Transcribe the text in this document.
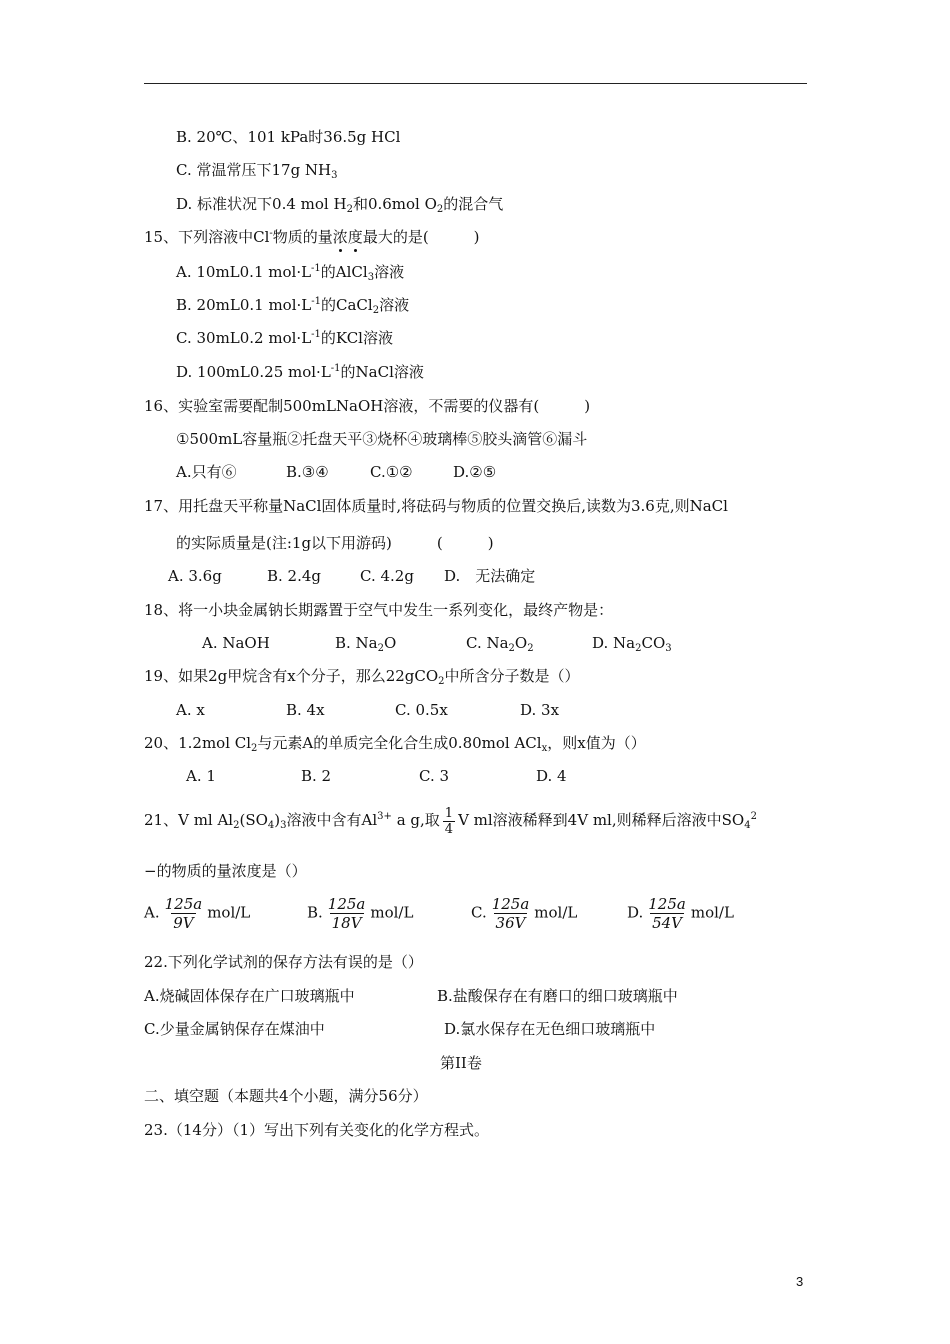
B. 20℃、101 kPa时36.5g HCl
C. 常温常压下17g $NH_3$
D. 标准状况下0.4 mol $H_2$和0.6mol $O_2$的混合气
15、下列溶液中Cl-物质的量浓度最大的是(　　　)
A. 10mL0.1 $mol\cdot L^{-1}$的AlCl$_3$溶液
B. 20mL0.1 $mol\cdot L^{-1}$的CaCl$_2$溶液
C. 30mL0.2 $mol\cdot L^{-1}$的KCl溶液
D. 100mL0.25 $mol\cdot L^{-1}$的NaCl溶液
16、实验室需要配制500mLNaOH溶液，不需要的仪器有(　　　)
①500mL容量瓶②托盘天平③烧杯④玻璃棒⑤胶头滴管⑥漏斗
A.只有⑥	B.③④	C.①②	D.②⑤
17、用托盘天平称量NaCl固体质量时,将砝码与物质的位置交换后,读数为3.6克,则NaCl
的实际质量是(注:1g以下用游码)　　　(　　　)
A. 3.6g	B. 2.4g	C. 4.2g D.　无法确定
18、将一小块金属钠长期露置于空气中发生一系列变化，最终产物是：
A. NaOH	B. $Na_2O$	C. $Na_2O_2$	D. $Na_2CO_3$
19、如果2g甲烷含有x个分子，那么22gCO$_2$中所含分子数是（）
A. x	B. 4x	C. 0.5x	D. 3x
20、1.2mol $Cl_2$与元素A的单质完全化合生成0.80mol ACl$_x$，则x值为（）
A. 1	B. 2	C. 3	D. 4
21、V ml $Al_2(SO_4)_3$溶液中含有$Al^{3+}$ a g,取 $\frac{1}{4}$ V ml溶液稀释到4V ml,则稀释后溶液中$SO_4^2$
−的物质的量浓度是（）
A. $\frac{125a}{9V} mol/L$	B. $\frac{125a}{18V} mol/L$	C. $\frac{125a}{36V} mol/L$	D. $\frac{125a}{54V} mol/L$
22.下列化学试剂的保存方法有误的是（）
A.烧碱固体保存在广口玻璃瓶中	B.盐酸保存在有磨口的细口玻璃瓶中
C.少量金属钠保存在煤油中	D.氯水保存在无色细口玻璃瓶中
第II卷
二、填空题（本题共4个小题，满分56分）
23.（14分）（1）写出下列有关变化的化学方程式。
3
